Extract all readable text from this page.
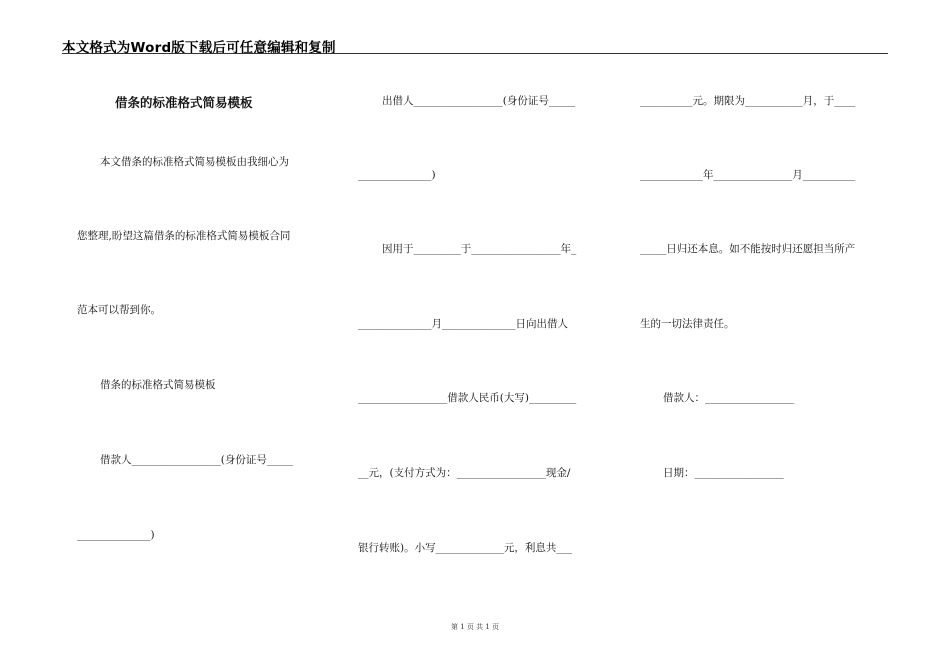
本文格式为Word版下载后可任意编辑和复制
借条的标准格式简易模板
本文借条的标准格式简易模板由我细心为
您整理,盼望这篇借条的标准格式简易模板合同
范本可以帮到你。
借条的标准格式简易模板
借款人_________________(身份证号_____
______________)
出借人_________________(身份证号_____
______________)
因用于_________于_________________年_
______________月______________日向出借人
_________________借款人民币(大写)_________
__元，(支付方式为：_________________现金/
银行转账)。小写_____________元，利息共___
__________元。期限为___________月，于____
____________年_______________月__________
_____日归还本息。如不能按时归还愿担当所产
生的一切法律责任。
借款人：_________________
日期：_________________
第 1 页 共 1 页
